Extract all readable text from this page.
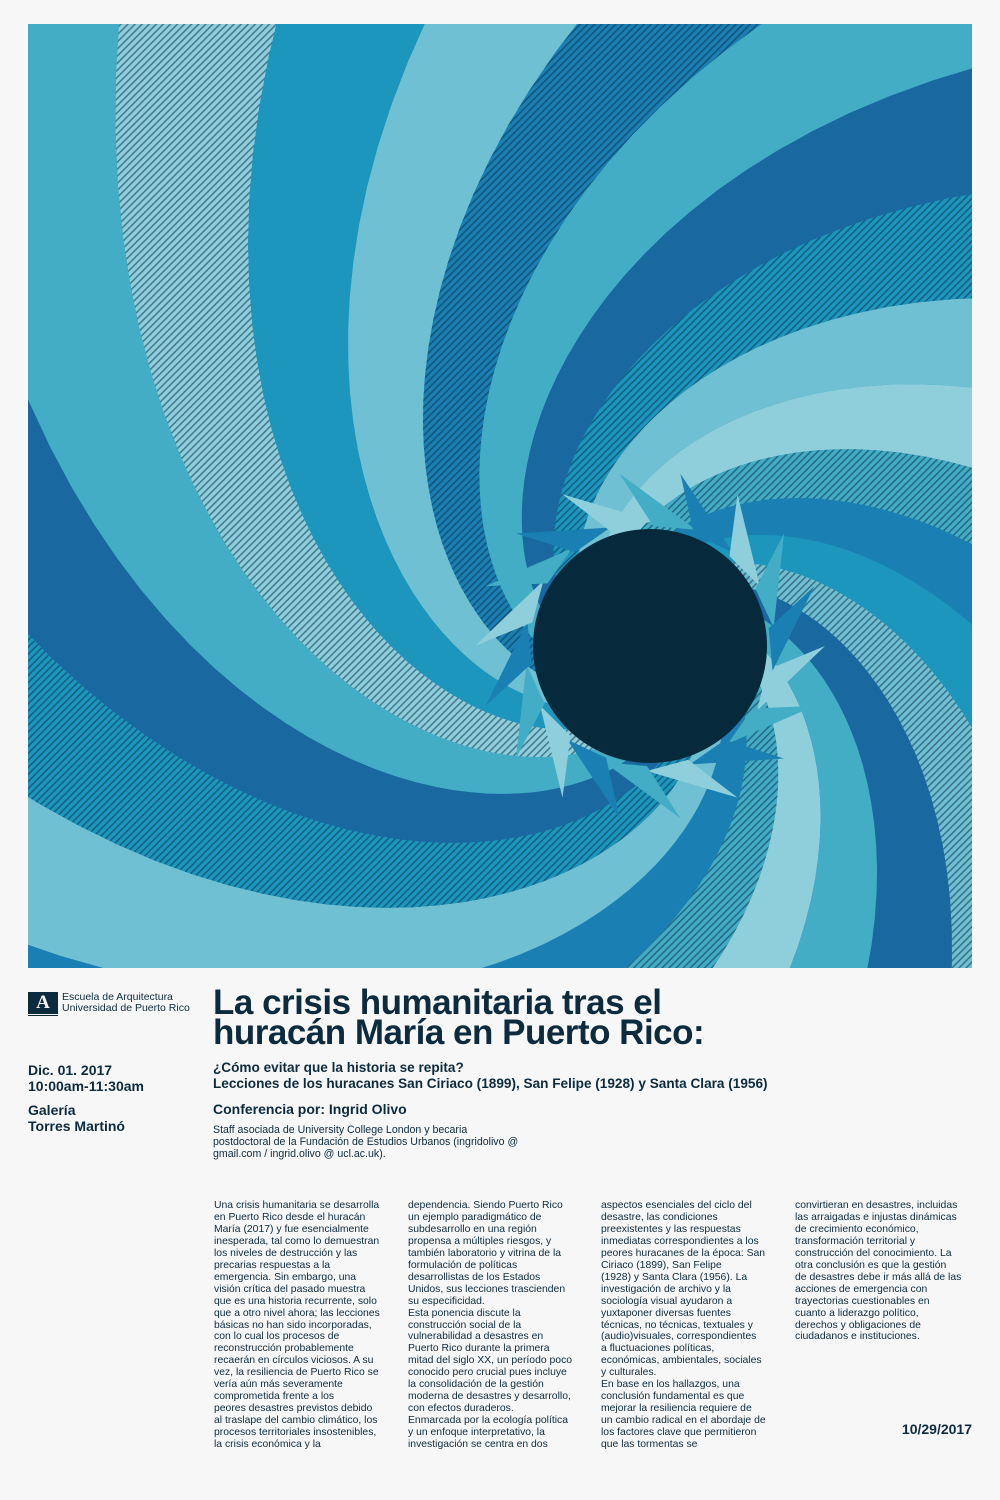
A	Escuela de Arquitectura
Universidad de Puerto Rico
Dic. 01. 2017
10:00am-11:30am
Galería
Torres Martinó
La crisis humanitaria tras el
huracán María en Puerto Rico:
¿Cómo evitar que la historia se repita?
Lecciones de los huracanes San Ciriaco (1899), San Felipe (1928) y Santa Clara (1956)
Conferencia por: Ingrid Olivo
Staff asociada de University College London y becaria
postdoctoral de la Fundación de Estudios Urbanos (ingridolivo @
gmail.com / ingrid.olivo @ ucl.ac.uk).
Una crisis humanitaria se desarrolla
en Puerto Rico desde el huracán
María (2017) y fue esencialmente
inesperada, tal como lo demuestran
los niveles de destrucción y las
precarias respuestas a la
emergencia. Sin embargo, una
visión crítica del pasado muestra
que es una historia recurrente, solo
que a otro nivel ahora; las lecciones
básicas no han sido incorporadas,
con lo cual los procesos de
reconstrucción probablemente
recaerán en círculos viciosos. A su
vez, la resiliencia de Puerto Rico se
vería aún más severamente
comprometida frente a los
peores desastres previstos debido
al traslape del cambio climático, los
procesos territoriales insostenibles,
la crisis económica y la
dependencia. Siendo Puerto Rico
un ejemplo paradigmático de
subdesarrollo en una región
propensa a múltiples riesgos, y
también laboratorio y vitrina de la
formulación de políticas
desarrollistas de los Estados
Unidos, sus lecciones trascienden
su especificidad.
Esta ponencia discute la
construcción social de la
vulnerabilidad a desastres en
Puerto Rico durante la primera
mitad del siglo XX, un período poco
conocido pero crucial pues incluye
la consolidación de la gestión
moderna de desastres y desarrollo,
con efectos duraderos.
Enmarcada por la ecología política
y un enfoque interpretativo, la
investigación se centra en dos
aspectos esenciales del ciclo del
desastre, las condiciones
preexistentes y las respuestas
inmediatas correspondientes a los
peores huracanes de la época: San
Ciriaco (1899), San Felipe
(1928) y Santa Clara (1956). La
investigación de archivo y la
sociología visual ayudaron a
yuxtaponer diversas fuentes
técnicas, no técnicas, textuales y
(audio)visuales, correspondientes
a fluctuaciones políticas,
económicas, ambientales, sociales
y culturales.
En base en los hallazgos, una
conclusión fundamental es que
mejorar la resiliencia requiere de
un cambio radical en el abordaje de
los factores clave que permitieron
que las tormentas se
convirtieran en desastres, incluidas
las arraigadas e injustas dinámicas
de crecimiento económico,
transformación territorial y
construcción del conocimiento. La
otra conclusión es que la gestión
de desastres debe ir más allá de las
acciones de emergencia con
trayectorias cuestionables en
cuanto a liderazgo político,
derechos y obligaciones de
ciudadanos e instituciones.
10/29/2017
